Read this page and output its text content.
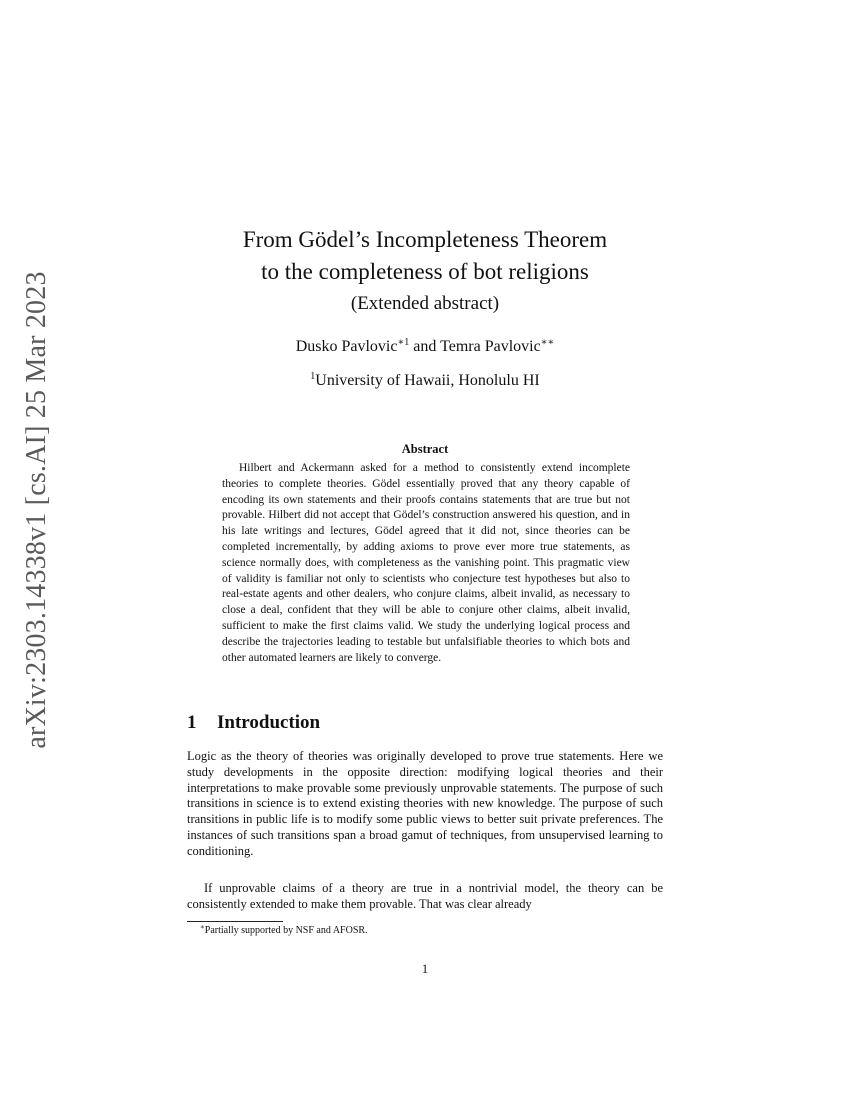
arXiv:2303.14338v1 [cs.AI] 25 Mar 2023
From Gödel’s Incompleteness Theorem
to the completeness of bot religions
(Extended abstract)
Dusko Pavlovic$^{∗1}$ and Temra Pavlovic∗∗
$^1$University of Hawaii, Honolulu HI
Abstract
Hilbert and Ackermann asked for a method to consistently extend incomplete theories to complete theories. Gödel essentially proved that any theory capable of encoding its own statements and their proofs contains statements that are true but not provable. Hilbert did not accept that Gödel’s construction answered his question, and in his late writings and lectures, Gödel agreed that it did not, since theories can be completed incrementally, by adding axioms to prove ever more true statements, as science normally does, with completeness as the vanishing point. This pragmatic view of validity is familiar not only to scientists who conjecture test hypotheses but also to real-estate agents and other dealers, who conjure claims, albeit invalid, as necessary to close a deal, confident that they will be able to conjure other claims, albeit invalid, sufficient to make the first claims valid. We study the underlying logical process and describe the trajectories leading to testable but unfalsifiable theories to which bots and other automated learners are likely to converge.
1 Introduction
Logic as the theory of theories was originally developed to prove true statements. Here we study developments in the opposite direction: modifying logical theories and their interpretations to make provable some previously unprovable statements. The purpose of such transitions in science is to extend existing theories with new knowledge. The purpose of such transitions in public life is to modify some public views to better suit private preferences. The instances of such transitions span a broad gamut of techniques, from unsupervised learning to conditioning.
If unprovable claims of a theory are true in a nontrivial model, the theory can be consistently extended to make them provable. That was clear already
∗Partially supported by NSF and AFOSR.
1
